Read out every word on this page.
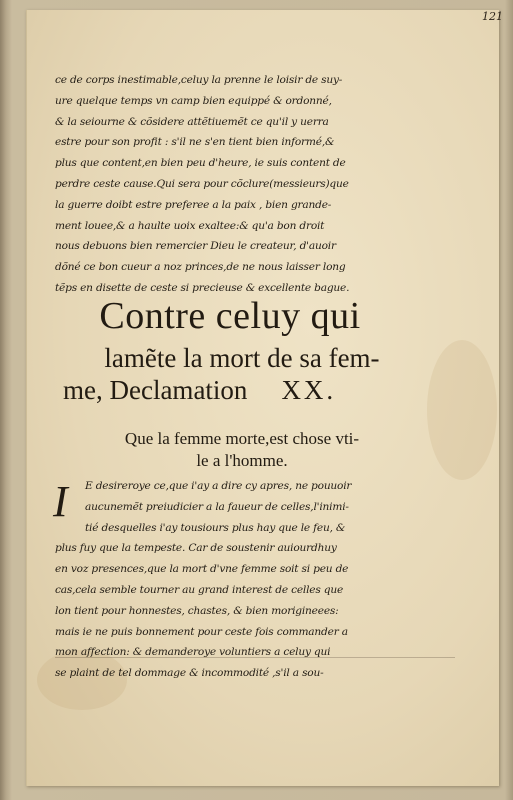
121
ce de corps inestimable,celuy la prenne le loisir de suy-
ure quelque temps vn camp bien equippé & ordonné,
& la seiourne & cõsidere attẽtiuemẽt ce qu'il y uerra
estre pour son profit : s'il ne s'en tient bien informé,&
plus que content,en bien peu d'heure, ie suis content de
perdre ceste cause.Qui sera pour cõclure(messieurs)que
la guerre doibt estre preferee a la paix , bien grande-
ment louee,& a haulte uoix exaltee:& qu'a bon droit
nous debuons bien remercier Dieu le createur, d'auoir
dõné ce bon cueur a noz princes,de ne nous laisser long
tẽps en disette de ceste si precieuse & excellente bague.
Contre celuy qui
lamẽte la mort de sa fem-
me, Declamation XX.
Que la femme morte,est chose vti-
le a l'homme.
I	E desireroye ce,que i'ay a dire cy apres, ne pouuoir
aucunemẽt preiudicier a la faueur de celles,l'inimi-
tié desquelles i'ay tousiours plus hay que le feu, &
plus fuy que la tempeste. Car de soustenir auiourdhuy
en voz presences,que la mort d'vne femme soit si peu de
cas,cela semble tourner au grand interest de celles que
lon tient pour honnestes, chastes, & bien morigineees:
mais ie ne puis bonnement pour ceste fois commander a
mon affection: & demanderoye voluntiers a celuy qui
se plaint de tel dommage & incommodité ,s'il a sou-
